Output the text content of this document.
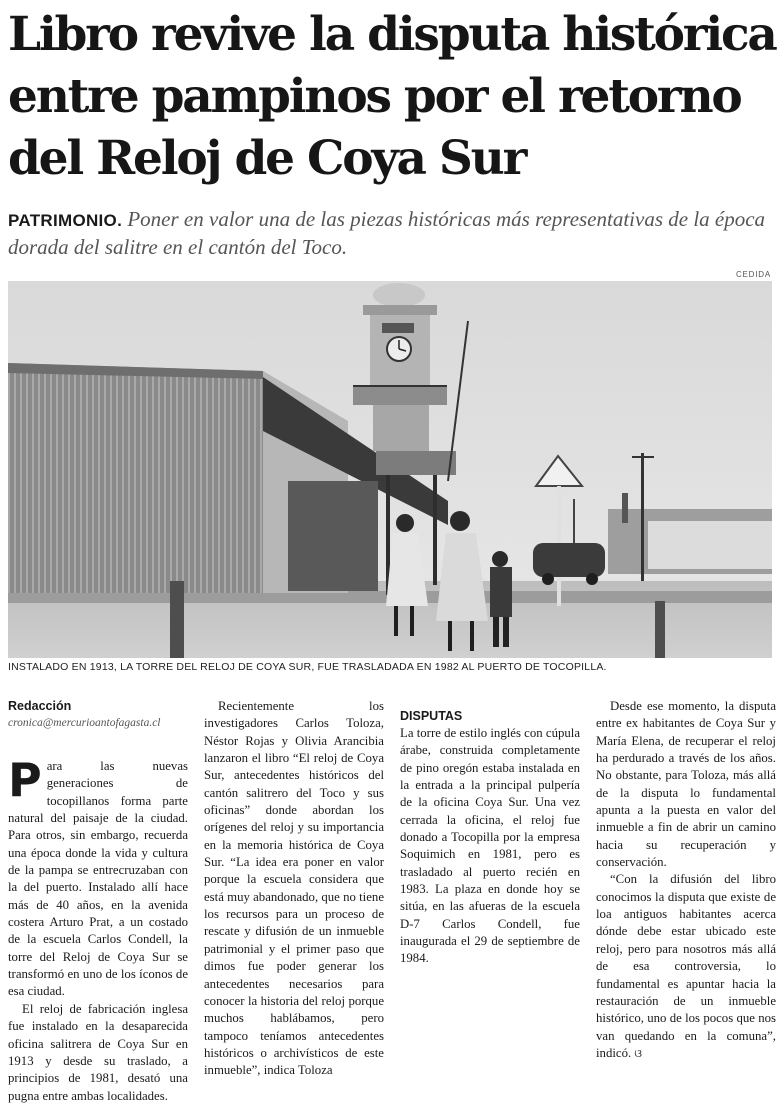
Libro revive la disputa histórica
entre pampinos por el retorno
del Reloj de Coya Sur
PATRIMONIO. Poner en valor una de las piezas históricas más representativas de la época dorada del salitre en el cantón del Toco.
CEDIDA
INSTALADO EN 1913, LA TORRE DEL RELOJ DE COYA SUR, FUE TRASLADADA EN 1982 AL PUERTO DE TOCOPILLA.
Redacción
cronica@mercurioantofagasta.cl

Para las nuevas generaciones de tocopillanos forma parte natural del paisaje de la ciudad. Para otros, sin embargo, recuerda una época donde la vida y cultura de la pampa se entrecruzaban con la del puerto. Instalado allí hace más de 40 años, en la avenida costera Arturo Prat, a un costado de la escuela Carlos Condell, la torre del Reloj de Coya Sur se transformó en uno de los íconos de esa ciudad.

El reloj de fabricación inglesa fue instalado en la desaparecida oficina salitrera de Coya Sur en 1913 y desde su traslado, a principios de 1981, desató una pugna entre ambas localidades.

Recientemente los investigadores Carlos Toloza, Néstor Rojas y Olivia Arancibia lanzaron el libro “El reloj de Coya Sur, antecedentes históricos del cantón salitrero del Toco y sus oficinas” donde abordan los orígenes del reloj y su importancia en la memoria histórica de Coya Sur. “La idea era poner en valor porque la escuela considera que está muy abandonado, que no tiene los recursos para un proceso de rescate y difusión de un inmueble patrimonial y el primer paso que dimos fue poder generar los antecedentes necesarios para conocer la historia del reloj porque muchos hablábamos, pero tampoco teníamos antecedentes históricos o archivísticos de este inmueble”, indica Toloza

DISPUTAS

La torre de estilo inglés con cúpula árabe, construida completamente de pino oregón estaba instalada en la entrada a la principal pulpería de la oficina Coya Sur. Una vez cerrada la oficina, el reloj fue donado a Tocopilla por la empresa Soquimich en 1981, pero es trasladado al puerto recién en 1983. La plaza en donde hoy se sitúa, en las afueras de la escuela D-7 Carlos Condell, fue inaugurada el 29 de septiembre de 1984.

Desde ese momento, la disputa entre ex habitantes de Coya Sur y María Elena, de recuperar el reloj ha perdurado a través de los años. No obstante, para Toloza, más allá de la disputa lo fundamental apunta a la puesta en valor del inmueble a fin de abrir un camino hacia su recuperación y conservación.

“Con la difusión del libro conocimos la disputa que existe de loa antiguos habitantes acerca dónde debe estar ubicado este reloj, pero para nosotros más allá de esa controversia, lo fundamental es apuntar hacia la restauración de un inmueble histórico, uno de los pocos que nos van quedando en la comuna”, indicó. ଓ
